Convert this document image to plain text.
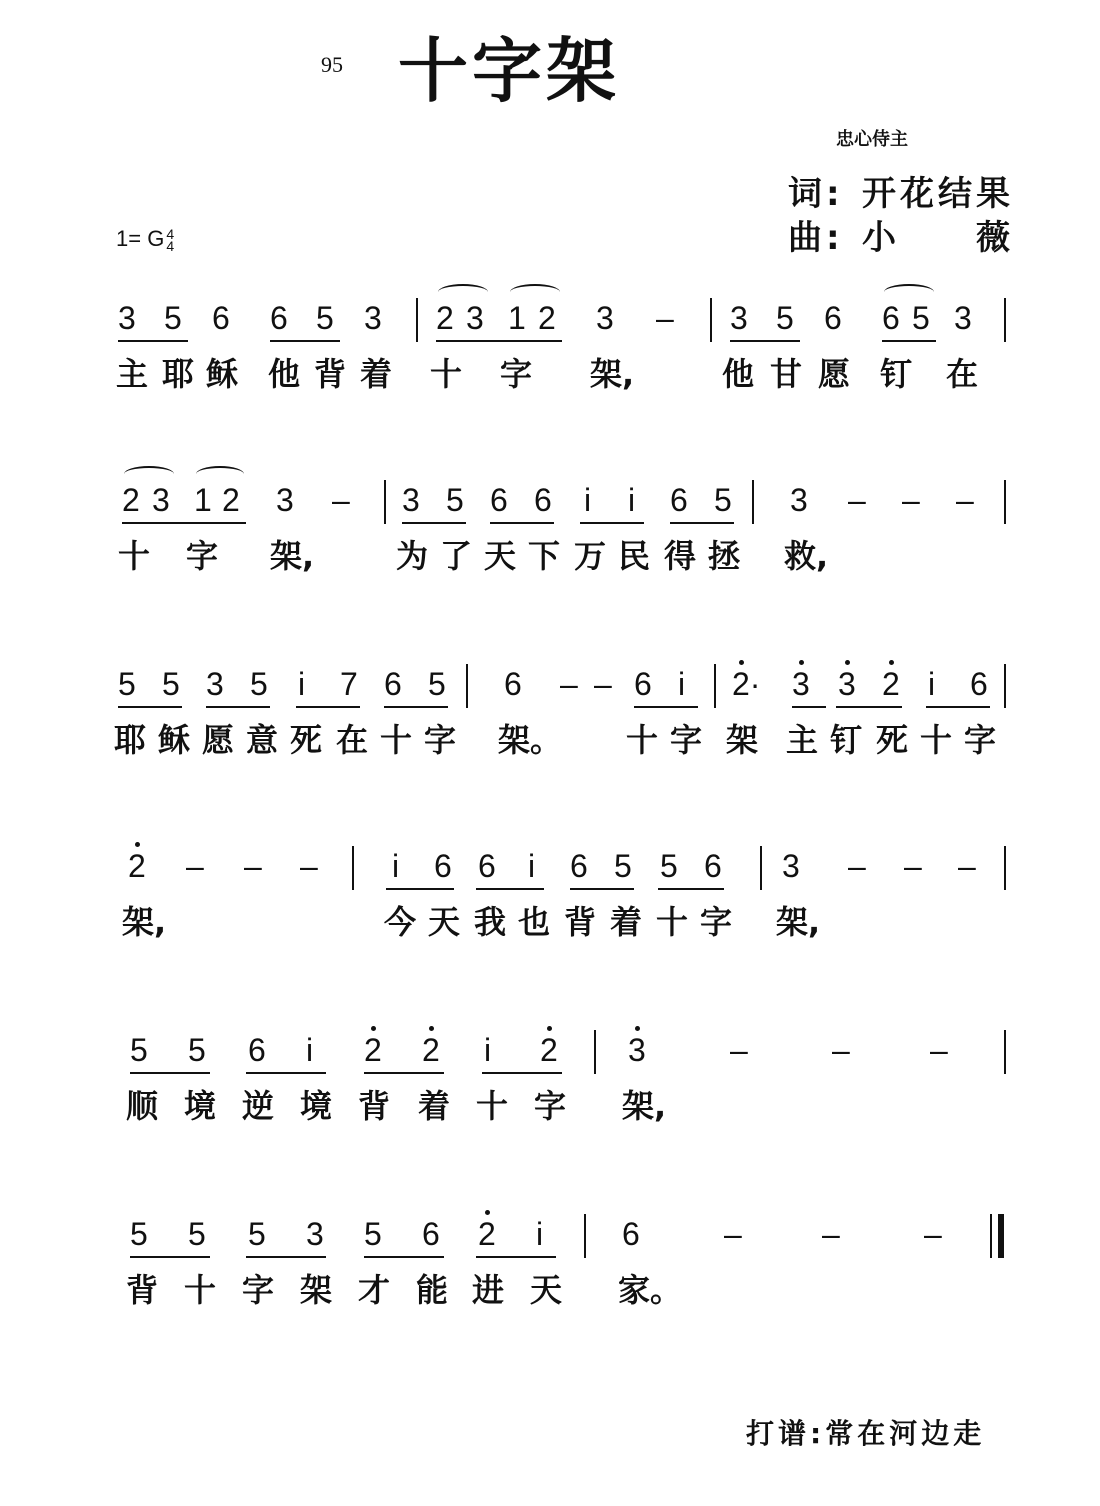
95 十字架
忠心侍主
词: 开花结果
曲: 小　　薇
1= G 4
4
3 5 6 6 5 3 2 3 1 2 3 – 3 5 6 6 5 3
主 耶 稣 他 背 着 十 字 架,	他 甘 愿 钉 在
2 3 1 2 3 – 3 5 6 6 i i 6 5 3 – – –
十 字 架,	为 了 天 下 万 民 得 拯 救,
5 5 3 5 i 7 6 5 6 – – 6 i 2· 3 3 2 i 6
耶 稣 愿 意 死 在 十 字 架。 十 字 架 主 钉 死 十 字
2 – – – i 6 6 i 6 5 5 6 3 – – –
架,	今 天 我 也 背 着 十 字 架,
5 5 6 i 2 2 i 2 3	–	–	–
顺 境 逆 境 背 着 十 字 架,
5 5 5 3 5 6 2 i 6	–	–	–
背 十 字 架 才 能 进 天 家。
打谱:常在河边走
